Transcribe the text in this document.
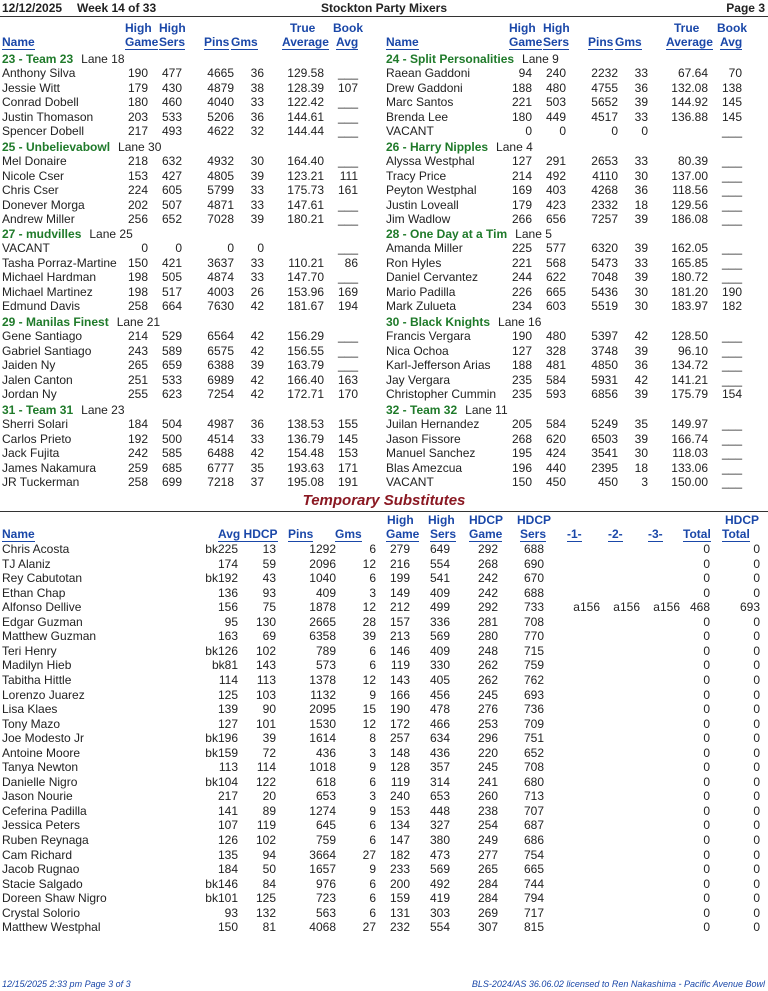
12/12/2025 Week 14 of 33	Stockton Party Mixers	Page 3
Name
High
Game
High
Sers Pins Gms
True
Average
Book
Avg Name
High
Game
High
Sers Pins Gms
True
Average
Book
Avg
23 - Team 23 Lane 18
Anthony Silva	190	477	4665	36 129.58	___
Jessie Witt	179	430	4879	38 128.39	107
Conrad Dobell	180	460	4040	33 122.42	___
Justin Thomason	203	533	5206	36 144.61	___
Spencer Dobell	217	493	4622	32 144.44	___
24 - Split Personalities Lane 9
Raean Gaddoni	94	240	2232	33	67.64	70
Drew Gaddoni	188	480	4755	36 132.08	138
Marc Santos	221	503	5652	39 144.92	145
Brenda Lee	180	449	4517	33 136.88	145
VACANT	0	0	0	0	___
25 - Unbelievabowl Lane 30
Mel Donaire	218	632	4932	30 164.40	___
Nicole Cser	153	427	4805	39 123.21	111
Chris Cser	224	605	5799	33 175.73	161
Donever Morga	202	507	4871	33 147.61	___
Andrew Miller	256	652	7028	39 180.21	___
26 - Harry Nipples Lane 4
Alyssa Westphal	127	291	2653	33	80.39	___
Tracy Price	214	492	4110	30 137.00	___
Peyton Westphal	169	403	4268	36 118.56	___
Justin Loveall	179	423	2332	18 129.56	___
Jim Wadlow	266	656	7257	39 186.08	___
27 - mudvilles Lane 25
VACANT	0	0	0	0	___
Tasha Porraz-Martine 150	421	3637	33 110.21	86
Michael Hardman	198	505	4874	33 147.70	___
Michael Martinez	198	517	4003	26 153.96	169
Edmund Davis	258	664	7630	42 181.67	194
28 - One Day at a Tim Lane 5
Amanda Miller	225	577	6320	39 162.05	___
Ron Hyles	221	568	5473	33 165.85	___
Daniel Cervantez	244	622	7048	39 180.72	___
Mario Padilla	226	665	5436	30 181.20	190
Mark Zulueta	234	603	5519	30 183.97	182
29 - Manilas Finest Lane 21
Gene Santiago	214	529	6564	42 156.29	___
Gabriel Santiago	243	589	6575	42 156.55	___
Jaiden Ny	265	659	6388	39 163.79	___
Jalen Canton	251	533	6989	42 166.40	163
Jordan Ny	255	623	7254	42 172.71	170
30 - Black Knights Lane 16
Francis Vergara	190	480	5397	42 128.50	___
Nica Ochoa	127	328	3748	39	96.10	___
Karl-Jefferson Arias	188	481	4850	36 134.72	___
Jay Vergara	235	584	5931	42 141.21	___
Christopher Cummin	235	593	6856	39 175.79	154
31 - Team 31 Lane 23
Sherri Solari	184	504	4987	36 138.53	155
Carlos Prieto	192	500	4514	33 136.79	145
Jack Fujita	242	585	6488	42 154.48	153
James Nakamura	259	685	6777	35 193.63	171
JR Tuckerman	258	699	7218	37 195.08	191
32 - Team 32 Lane 11
Juilan Hernandez	205	584	5249	35 149.97	___
Jason Fissore	268	620	6503	39 166.74	___
Manuel Sanchez	195	424	3541	30 118.03	___
Blas Amezcua	196	440	2395	18 133.06	___
VACANT	150	450	450	3 150.00	___
Temporary Substitutes
Name	Avg HDCP Pins Gms
High
Game
High
Sers
HDCP
Game
HDCP
Sers -1- -2- -3- Total
HDCP
Total
Chris Acosta	bk225	13	1292	6	279	649	292	688	0	0
TJ Alaniz	174	59	2096	12	216	554	268	690	0	0
Rey Cabutotan	bk192	43	1040	6	199	541	242	670	0	0
Ethan Chap	136	93	409	3	149	409	242	688	0	0
Alfonso Dellive	156	75	1878	12	212	499	292	733	a156	a156	a156 468	693
Edgar Guzman	95	130	2665	28	157	336	281	708	0	0
Matthew Guzman	163	69	6358	39	213	569	280	770	0	0
Teri Henry	bk126	102	789	6	146	409	248	715	0	0
Madilyn Hieb	bk81	143	573	6	119	330	262	759	0	0
Tabitha Hittle	114	113	1378	12	143	405	262	762	0	0
Lorenzo Juarez	125	103	1132	9	166	456	245	693	0	0
Lisa Klaes	139	90	2095	15	190	478	276	736	0	0
Tony Mazo	127	101	1530	12	172	466	253	709	0	0
Joe Modesto Jr	bk196	39	1614	8	257	634	296	751	0	0
Antoine Moore	bk159	72	436	3	148	436	220	652	0	0
Tanya Newton	113	114	1018	9	128	357	245	708	0	0
Danielle Nigro	bk104	122	618	6	119	314	241	680	0	0
Jason Nourie	217	20	653	3	240	653	260	713	0	0
Ceferina Padilla	141	89	1274	9	153	448	238	707	0	0
Jessica Peters	107	119	645	6	134	327	254	687	0	0
Ruben Reynaga	126	102	759	6	147	380	249	686	0	0
Cam Richard	135	94	3664	27	182	473	277	754	0	0
Jacob Rugnao	184	50	1657	9	233	569	265	665	0	0
Stacie Salgado	bk146	84	976	6	200	492	284	744	0	0
Doreen Shaw Nigro	bk101	125	723	6	159	419	284	794	0	0
Crystal Solorio	93	132	563	6	131	303	269	717	0	0
Matthew Westphal	150	81	4068	27	232	554	307	815	0	0
12/15/2025 2:33 pm Page 3 of 3	BLS-2024/AS 36.06.02 licensed to Ren Nakashima - Pacific Avenue Bowl
